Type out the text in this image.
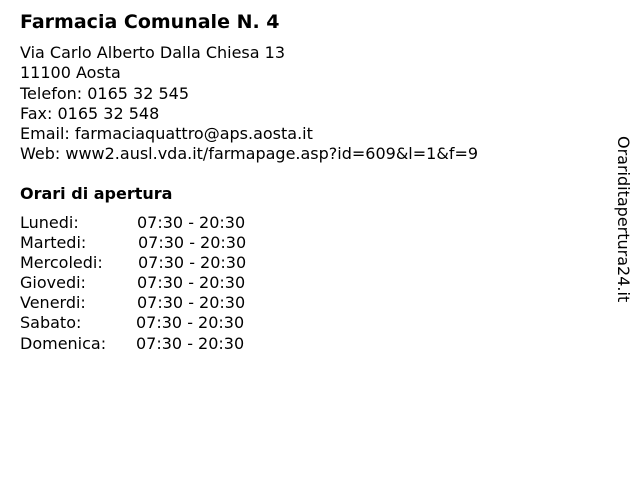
Farmacia Comunale N. 4
Via Carlo Alberto Dalla Chiesa 13
11100 Aosta
Telefon: 0165 32 545
Fax: 0165 32 548
Email: farmaciaquattro@aps.aosta.it
Web: www2.ausl.vda.it/farmapage.asp?id=609&l=1&f=9
Orari di apertura
Lunedi:	07:30 - 20:30
Martedi:	07:30 - 20:30
Mercoledi: 07:30 - 20:30
Giovedi:	07:30 - 20:30
Venerdi:	07:30 - 20:30
Sabato:	07:30 - 20:30
Domenica: 07:30 - 20:30
Orariditapertura24.it
